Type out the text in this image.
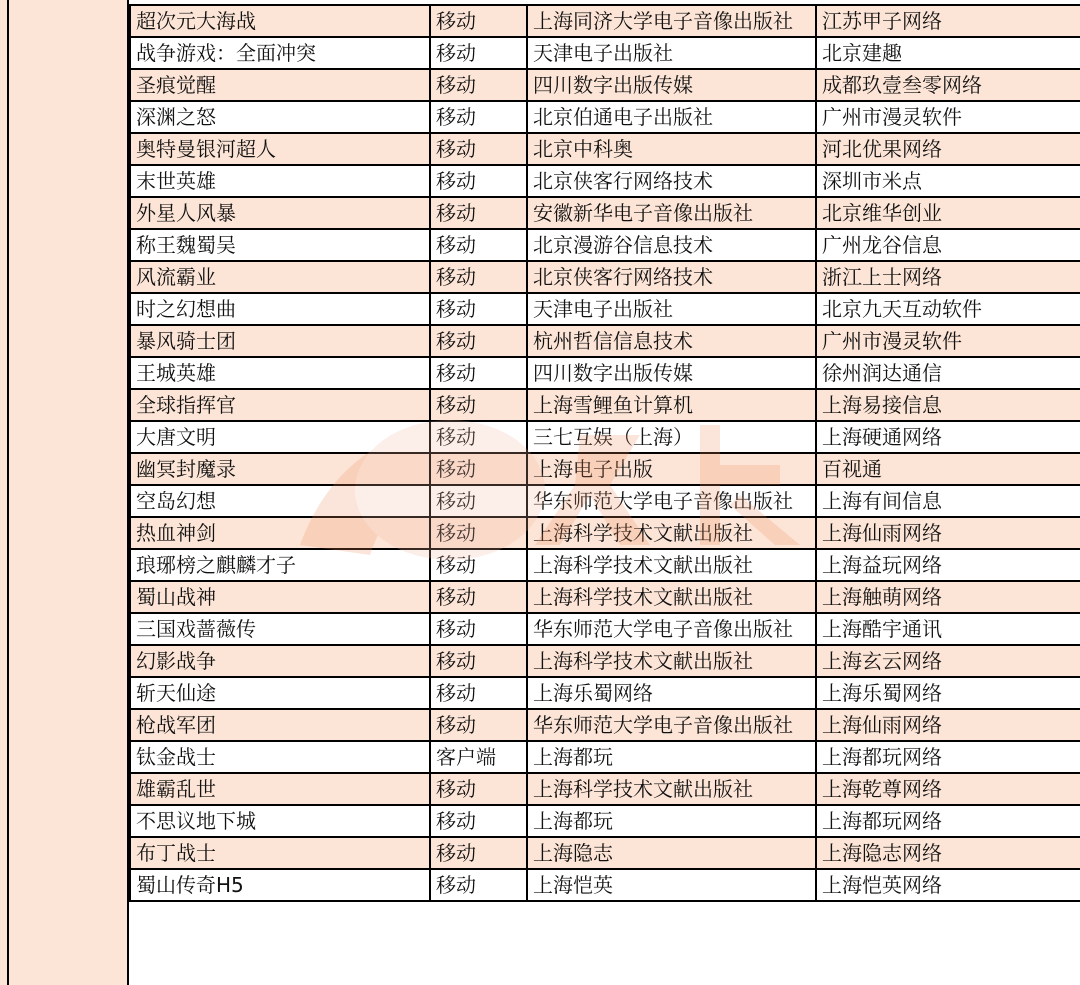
超次元大海战	移动	上海同济大学电子音像出版社	江苏甲子网络
战争游戏：全面冲突	移动	天津电子出版社	北京建趣
圣痕觉醒	移动	四川数字出版传媒	成都玖壹叁零网络
深渊之怒	移动	北京伯通电子出版社	广州市漫灵软件
奥特曼银河超人	移动	北京中科奥	河北优果网络
末世英雄	移动	北京侠客行网络技术	深圳市米点
外星人风暴	移动	安徽新华电子音像出版社	北京维华创业
称王魏蜀吴	移动	北京漫游谷信息技术	广州龙谷信息
风流霸业	移动	北京侠客行网络技术	浙江上士网络
时之幻想曲	移动	天津电子出版社	北京九天互动软件
暴风骑士团	移动	杭州哲信信息技术	广州市漫灵软件
王城英雄	移动	四川数字出版传媒	徐州润达通信
全球指挥官	移动	上海雪鲤鱼计算机	上海易接信息
大唐文明	移动	三七互娱（上海）	上海硬通网络
幽冥封魔录	移动	上海电子出版	百视通
空岛幻想	移动	华东师范大学电子音像出版社	上海有间信息
热血神剑	移动	上海科学技术文献出版社	上海仙雨网络
琅琊榜之麒麟才子	移动	上海科学技术文献出版社	上海益玩网络
蜀山战神	移动	上海科学技术文献出版社	上海触萌网络
三国戏蔷薇传	移动	华东师范大学电子音像出版社	上海酷宇通讯
幻影战争	移动	上海科学技术文献出版社	上海玄云网络
斩天仙途	移动	上海乐蜀网络	上海乐蜀网络
枪战军团	移动	华东师范大学电子音像出版社	上海仙雨网络
钛金战士	客户端	上海都玩	上海都玩网络
雄霸乱世	移动	上海科学技术文献出版社	上海乾尊网络
不思议地下城	移动	上海都玩	上海都玩网络
布丁战士	移动	上海隐志	上海隐志网络
蜀山传奇H5	移动	上海恺英	上海恺英网络
